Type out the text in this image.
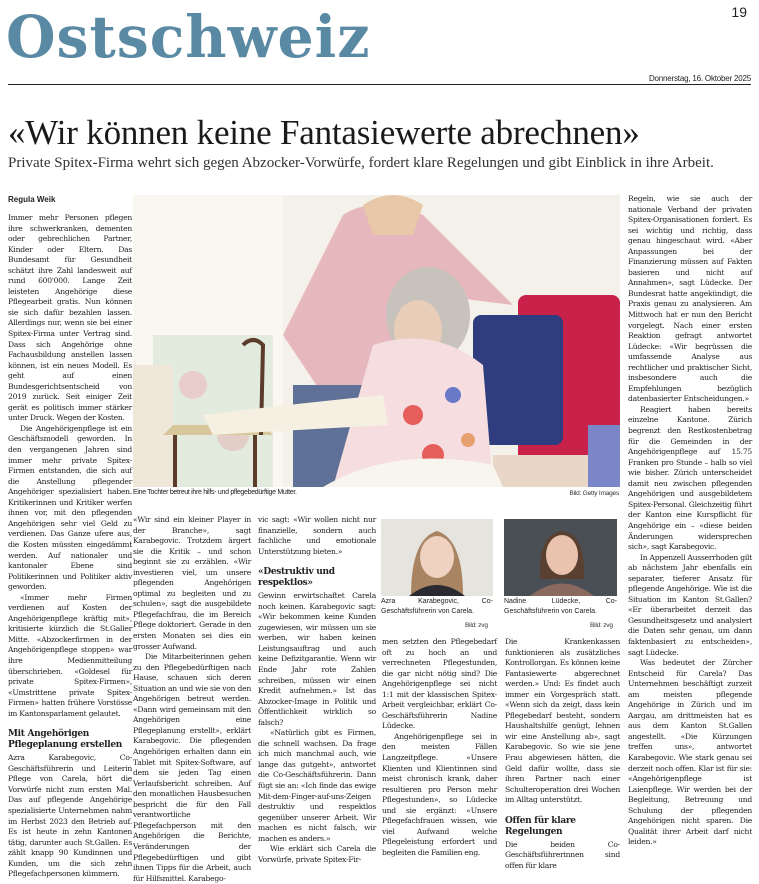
Ostschweiz	19
Donnerstag, 16. Oktober 2025
«Wir können keine Fantasiewerte abrechnen»
Private Spitex-Firma wehrt sich gegen Abzocker-Vorwürfe, fordert klare Regelungen und gibt Einblick in ihre Arbeit.
Regula Weik

Immer mehr Personen pflegen ihre schwerkranken, dementen oder gebrechlichen Partner, Kinder oder Eltern. Das Bundesamt für Gesundheit schätzt ihre Zahl landesweit auf rund 600'000. Lange Zeit leisteten Angehörige diese Pflegearbeit gratis. Nun können sie sich dafür bezahlen lassen. Allerdings nur, wenn sie bei einer Spitex-Firma unter Vertrag sind. Dass sich Angehörige ohne Fachausbildung anstellen lassen können, ist ein neues Modell. Es geht auf einen Bundesgerichtsentscheid von 2019 zurück. Seit einiger Zeit gerät es politisch immer stärker unter Druck. Wegen der Kosten.

Die Angehörigenpflege ist ein Geschäftsmodell geworden. In den vergangenen Jahren sind immer mehr private Spitex-Firmen entstanden, die sich auf die Anstellung pflegender Angehöriger spezialisiert haben. Kritikerinnen und Kritiker werfen ihnen vor, mit den pflegenden Angehörigen sehr viel Geld zu verdienen. Das Ganze ufere aus, die Kosten müssten eingedämmt werden. Auf nationaler und kantonaler Ebene sind Politikerinnen und Politiker aktiv geworden.

«Immer mehr Firmen verdienen auf Kosten der Angehörigenpflege kräftig mit», kritisierte kürzlich die St.Galler Mitte. «Abzockerfirmen in der Angehörigenpflege stoppen» war ihre Medienmitteilung überschrieben. «Goldesel für private Spitex-Firmen», «Umstrittene private Spitex-Firmen» hatten frühere Vorstösse im Kantonsparlament gelautet.

Mit Angehörigen Pflegeplanung erstellen

Azra Karabegovic, Co-Geschäftsführerin und Leiterin Pflege von Carela, hört die Vorwürfe nicht zum ersten Mal. Das auf pflegende Angehörige spezialisierte Unternehmen nahm im Herbst 2023 den Betrieb auf. Es ist heute in zehn Kantonen tätig, darunter auch St.Gallen. Es zählt knapp 90 Kundinnen und Kunden, um die sich zehn Pflegefachpersonen kümmern.

Eine Tochter betreut ihre hilfs- und pflegebedürftige Mutter.	Bild: Getty Images

«Wir sind ein kleiner Player in der Branche», sagt Karabegovic. Trotzdem ärgert sie die Kritik – und schon beginnt sie zu erzählen. «Wir investieren viel, um unsere pflegenden Angehörigen optimal zu begleiten und zu schulen», sagt die ausgebildete Pflegefachfrau, die im Bereich Pflege doktoriert. Gerade in den ersten Monaten sei dies ein grosser Aufwand.

Die Mitarbeiterinnen gehen zu den Pflegebedürftigen nach Hause, schauen sich deren Situation an und wie sie von den Angehörigen betreut werden. «Dann wird gemeinsam mit den Angehörigen eine Pflegeplanung erstellt», erklärt Karabegovic. Die pflegenden Angehörigen erhalten dann ein Tablet mit Spitex-Software, auf dem sie jeden Tag einen Verlaufsbericht schreiben. Auf den monatlichen Hausbesuchen bespricht die für den Fall verantwortliche Pflegefachperson mit den Angehörigen die Berichte, Veränderungen der Pflegebedürftigen und gibt ihnen Tipps für die Arbeit, auch für Hilfsmittel. Karabego-

vic sagt: «Wir wollen nicht nur finanzielle, sondern auch fachliche und emotionale Unterstützung bieten.»

«Destruktiv und respektlos»

Gewinn erwirtschaftet Carela noch keinen. Karabegovic sagt: «Wir bekommen keine Kunden zugewiesen, wir müssen um sie werben, wir haben keinen Leistungsauftrag und auch keine Defizitgarantie. Wenn wir Ende Jahr rote Zahlen schreiben, müssen wir einen Kredit aufnehmen.» Ist das Abzocker-Image in Politik und Öffentlichkeit wirklich so falsch?

«Natürlich gibt es Firmen, die schnell wachsen. Da frage ich mich manchmal auch, wie lange das gutgeht», antwortet die Co-Geschäftsführerin. Dann fügt sie an: «Ich finde das ewige Mit-dem-Finger-auf-uns-Zeigen destruktiv und respektlos gegenüber unserer Arbeit. Wir machen es nicht falsch, wir machen es anders.»

Wie erklärt sich Carela die Vorwürfe, private Spitex-Fir-

Azra Karabegovic, Co-Geschäftsführerin von Carela.
Bild: zvg
Nadine Lüdecke, Co-Geschäftsführerin von Carela.
Bild: zvg

men setzten den Pflegebedarf oft zu hoch an und verrechneten Pflegestunden, die gar nicht nötig sind? Die Angehörigenpflege sei nicht 1:1 mit der klassischen Spitex-Arbeit vergleichbar, erklärt Co-Geschäftsführerin Nadine Lüdecke.

Angehörigenpflege sei in den meisten Fällen Langzeitpflege. «Unsere Klienten und Klientinnen sind meist chronisch krank, daher resultieren pro Person mehr Pflegestunden», so Lüdecke und sie ergänzt: «Unsere Pflegefachfrauen wissen, wie viel Aufwand welche Pflegeleistung erfordert und begleiten die Familien eng.

Die Krankenkassen funktionieren als zusätzliches Kontrollorgan. Es können keine Fantasiewerte abgerechnet werden.» Und: Es findet auch immer ein Vorgespräch statt. «Wenn sich da zeigt, dass kein Pflegebedarf besteht, sondern Haushaltshilfe genügt, lehnen wir eine Anstellung ab», sagt Karabegovic. So wie sie jene Frau abgewiesen hätten, die Geld dafür wollte, dass sie ihren Partner nach einer Schulteroperation drei Wochen im Alltag unterstützt.

Offen für klare Regelungen

Die beiden Co-Geschäftsführerinnen sind offen für klare

Regeln, wie sie auch der nationale Verband der privaten Spitex-Organisationen fordert. Es sei wichtig und richtig, dass genau hingeschaut wird. «Aber Anpassungen bei der Finanzierung müssen auf Fakten basieren und nicht auf Annahmen», sagt Lüdecke. Der Bundesrat hatte angekündigt, die Praxis genau zu analysieren. Am Mittwoch hat er nun den Bericht vorgelegt. Nach einer ersten Reaktion gefragt antwortet Lüdecke: «Wir begrüssen die umfassende Analyse aus rechtlicher und praktischer Sicht, insbesondere auch die Empfehlungen bezüglich datenbasierter Entscheidungen.»

Reagiert haben bereits einzelne Kantone. Zürich begrenzt den Restkostenbetrag für die Gemeinden in der Angehörigenpflege auf 15.75 Franken pro Stunde – halb so viel wie bisher. Zürich unterscheidet damit neu zwischen pflegenden Angehörigen und ausgebildetem Spitex-Personal. Gleichzeitig führt der Kanton eine Kurspflicht für Angehörige ein – «diese beiden Änderungen widersprechen sich», sagt Karabegovic.

In Appenzell Ausserrhoden gilt ab nächstem Jahr ebenfalls ein separater, tieferer Ansatz für pflegende Angehörige. Wie ist die Situation im Kanton St.Gallen? «Er überarbeitet derzeit das Gesundheitsgesetz und analysiert die Daten sehr genau, um dann faktenbasiert zu entscheiden», sagt Lüdecke.

Was bedeutet der Zürcher Entscheid für Carela? Das Unternehmen beschäftigt zurzeit am meisten pflegende Angehörige in Zürich und im Aargau, am drittmeisten hat es aus dem Kanton St.Gallen angestellt. «Die Kürzungen treffen uns», antwortet Karabegovic. Wie stark genau sei derzeit noch offen. Klar ist für sie: «Angehörigenpflege ist Laienpflege. Wir werden bei der Begleitung, Betreuung und Schulung der pflegenden Angehörigen nicht sparen. Die Qualität ihrer Arbeit darf nicht leiden.»
